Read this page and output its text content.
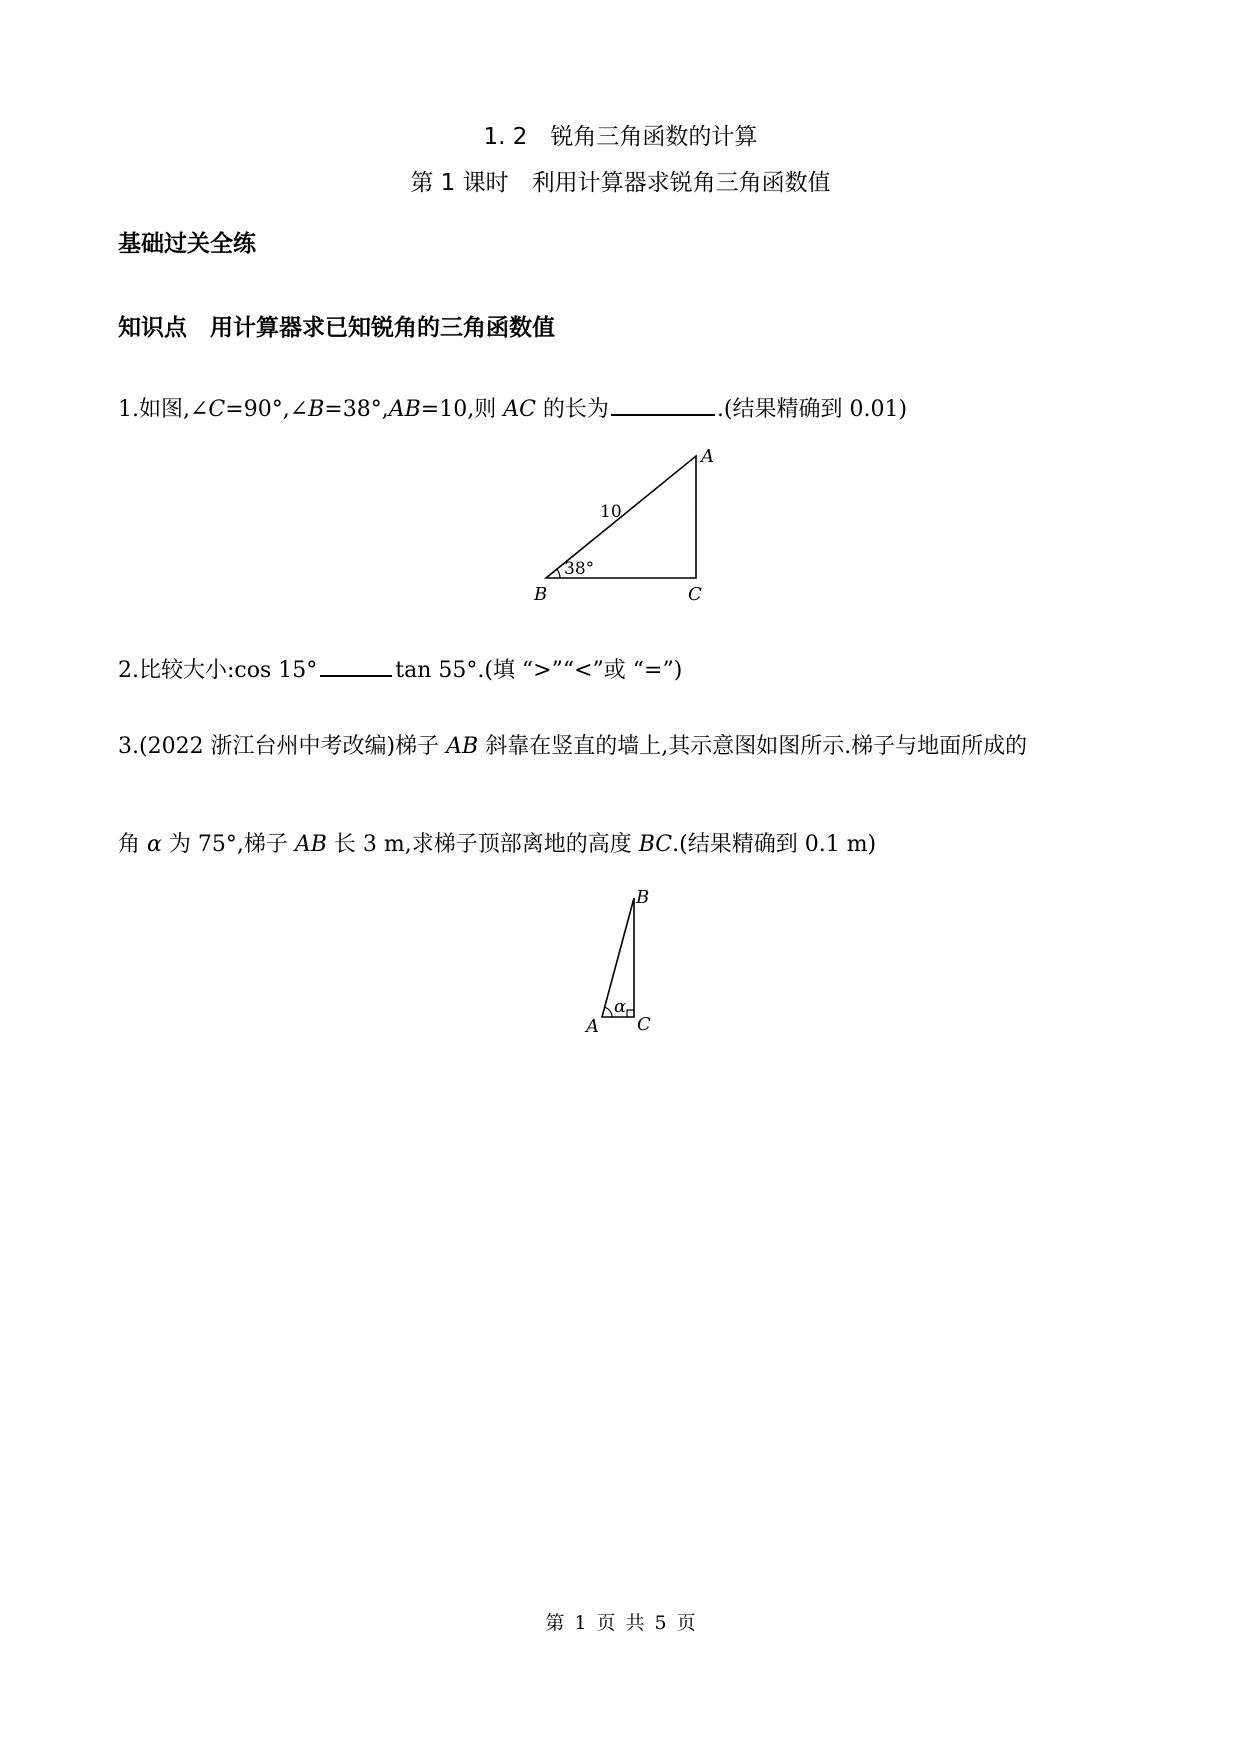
1. 2　锐角三角函数的计算
第 1 课时　利用计算器求锐角三角函数值
基础过关全练
知识点　用计算器求已知锐角的三角函数值

1.如图,∠C=90°,∠B=38°,AB=10,则 AC 的长为	.(结果精确到 0.01)

A
B	C
10
38°

2.比较大小:cos 15°	tan 55°.(填 “>”“<”或 “=”)

3.(2022 浙江台州中考改编)梯子 AB 斜靠在竖直的墙上,其示意图如图所示.梯子与地面所成的

角 α 为 75°,梯子 AB 长 3 m,求梯子顶部离地的高度 BC.(结果精确到 0.1 m)

A
B
C
α
第 1 页 共 5 页
